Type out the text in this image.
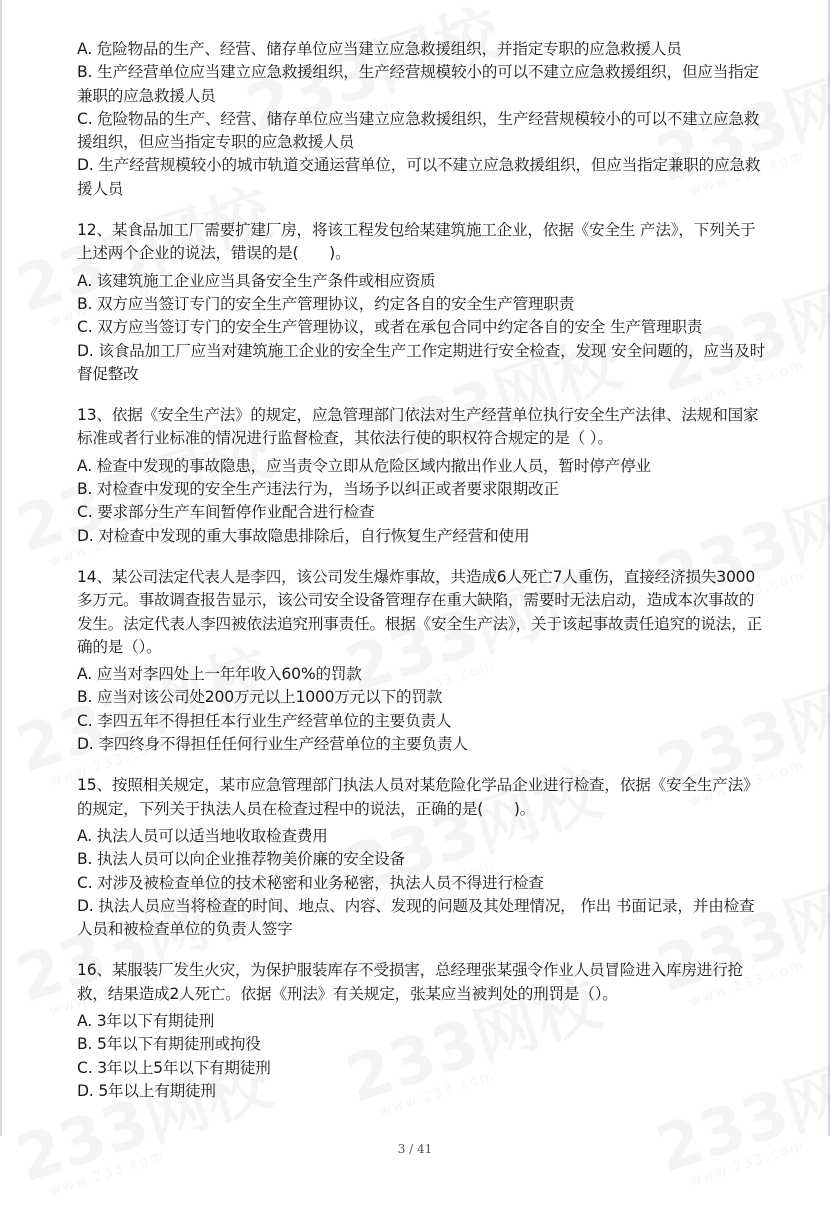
A. 危险物品的生产、经营、储存单位应当建立应急救援组织，并指定专职的应急救援人员

B. 生产经营单位应当建立应急救援组织，生产经营规模较小的可以不建立应急救援组织，但应当指定兼职的应急救援人员

C. 危险物品的生产、经营、储存单位应当建立应急救援组织，生产经营规模较小的可以不建立应急救援组织，但应当指定专职的应急救援人员

D. 生产经营规模较小的城市轨道交通运营单位，可以不建立应急救援组织，但应当指定兼职的应急救援人员

12、某食品加工厂需要扩建厂房，将该工程发包给某建筑施工企业，依据《安全生 产法》，下列关于上述两个企业的说法，错误的是(　　)。

A. 该建筑施工企业应当具备安全生产条件或相应资质

B. 双方应当签订专门的安全生产管理协议，约定各自的安全生产管理职责

C. 双方应当签订专门的安全生产管理协议，或者在承包合同中约定各自的安全 生产管理职责

D. 该食品加工厂应当对建筑施工企业的安全生产工作定期进行安全检查，发现 安全问题的，应当及时督促整改

13、依据《安全生产法》的规定，应急管理部门依法对生产经营单位执行安全生产法律、法规和国家标准或者行业标准的情况进行监督检查，其依法行使的职权符合规定的是（ ）。

A. 检查中发现的事故隐患，应当责令立即从危险区域内撤出作业人员，暂时停产停业

B. 对检查中发现的安全生产违法行为，当场予以纠正或者要求限期改正

C. 要求部分生产车间暂停作业配合进行检查

D. 对检查中发现的重大事故隐患排除后，自行恢复生产经营和使用

14、某公司法定代表人是李四，该公司发生爆炸事故，共造成6人死亡7人重伤，直接经济损失3000多万元。事故调查报告显示，该公司安全设备管理存在重大缺陷，需要时无法启动，造成本次事故的发生。法定代表人李四被依法追究刑事责任。根据《安全生产法》，关于该起事故责任追究的说法，正确的是（）。

A. 应当对李四处上一年年收入60%的罚款

B. 应当对该公司处200万元以上1000万元以下的罚款

C. 李四五年不得担任本行业生产经营单位的主要负责人

D. 李四终身不得担任任何行业生产经营单位的主要负责人

15、按照相关规定，某市应急管理部门执法人员对某危险化学品企业进行检查，依据《安全生产法》的规定，下列关于执法人员在检查过程中的说法，正确的是(　　)。

A. 执法人员可以适当地收取检查费用

B. 执法人员可以向企业推荐物美价廉的安全设备

C. 对涉及被检查单位的技术秘密和业务秘密，执法人员不得进行检查

D. 执法人员应当将检查的时间、地点、内容、发现的问题及其处理情况， 作出 书面记录，并由检查人员和被检查单位的负责人签字

16、某服装厂发生火灾，为保护服装库存不受损害，总经理张某强令作业人员冒险进入库房进行抢救，结果造成2人死亡。依据《刑法》有关规定，张某应当被判处的刑罚是（）。

A. 3年以下有期徒刑

B. 5年以下有期徒刑或拘役

C. 3年以上5年以下有期徒刑

D. 5年以上有期徒刑

3 / 41
